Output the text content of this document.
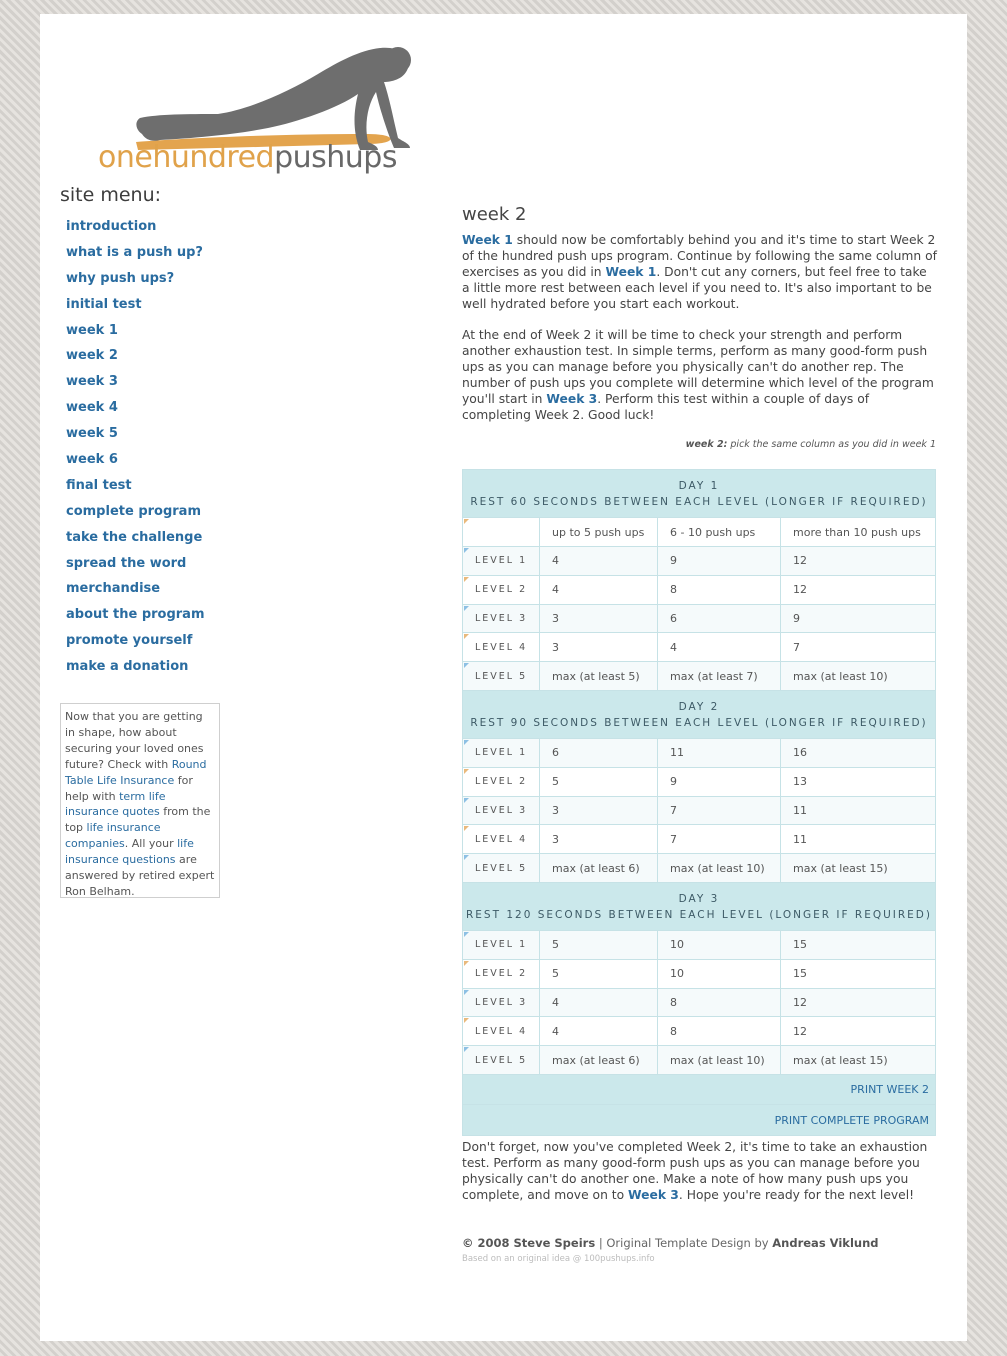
onehundredpushups
site menu:
introduction
what is a push up?
why push ups?
initial test
week 1
week 2
week 3
week 4
week 5
week 6
final test
complete program
take the challenge
spread the word
merchandise
about the program
promote yourself
make a donation
Now that you are getting in shape, how about securing your loved ones future? Check with Round Table Life Insurance for help with term life insurance quotes from the top life insurance companies. All your life insurance questions are answered by retired expert Ron Belham.
week 2
Week 1 should now be comfortably behind you and it's time to start Week 2 of the hundred push ups program. Continue by following the same column of exercises as you did in Week 1. Don't cut any corners, but feel free to take a little more rest between each level if you need to. It's also important to be well hydrated before you start each workout.
At the end of Week 2 it will be time to check your strength and perform another exhaustion test. In simple terms, perform as many good-form push ups as you can manage before you physically can't do another rep. The number of push ups you complete will determine which level of the program you'll start in Week 3. Perform this test within a couple of days of completing Week 2. Good luck!
week 2: pick the same column as you did in week 1
DAY 1
REST 60 SECONDS BETWEEN EACH LEVEL (LONGER IF REQUIRED)			
	up to 5 push ups	6 - 10 push ups	more than 10 push ups
LEVEL 1	4	9	12
LEVEL 2	4	8	12
LEVEL 3	3	6	9
LEVEL 4	3	4	7
LEVEL 5	max (at least 5)	max (at least 7)	max (at least 10)
DAY 2
REST 90 SECONDS BETWEEN EACH LEVEL (LONGER IF REQUIRED)			
LEVEL 1	6	11	16
LEVEL 2	5	9	13
LEVEL 3	3	7	11
LEVEL 4	3	7	11
LEVEL 5	max (at least 6)	max (at least 10)	max (at least 15)
DAY 3
REST 120 SECONDS BETWEEN EACH LEVEL (LONGER IF REQUIRED)			
LEVEL 1	5	10	15
LEVEL 2	5	10	15
LEVEL 3	4	8	12
LEVEL 4	4	8	12
LEVEL 5	max (at least 6)	max (at least 10)	max (at least 15)
PRINT WEEK 2			
PRINT COMPLETE PROGRAM			
Don't forget, now you've completed Week 2, it's time to take an exhaustion test. Perform as many good-form push ups as you can manage before you physically can't do another one. Make a note of how many push ups you complete, and move on to Week 3. Hope you're ready for the next level!
© 2008 Steve Speirs | Original Template Design by Andreas Viklund
Based on an original idea @ 100pushups.info
